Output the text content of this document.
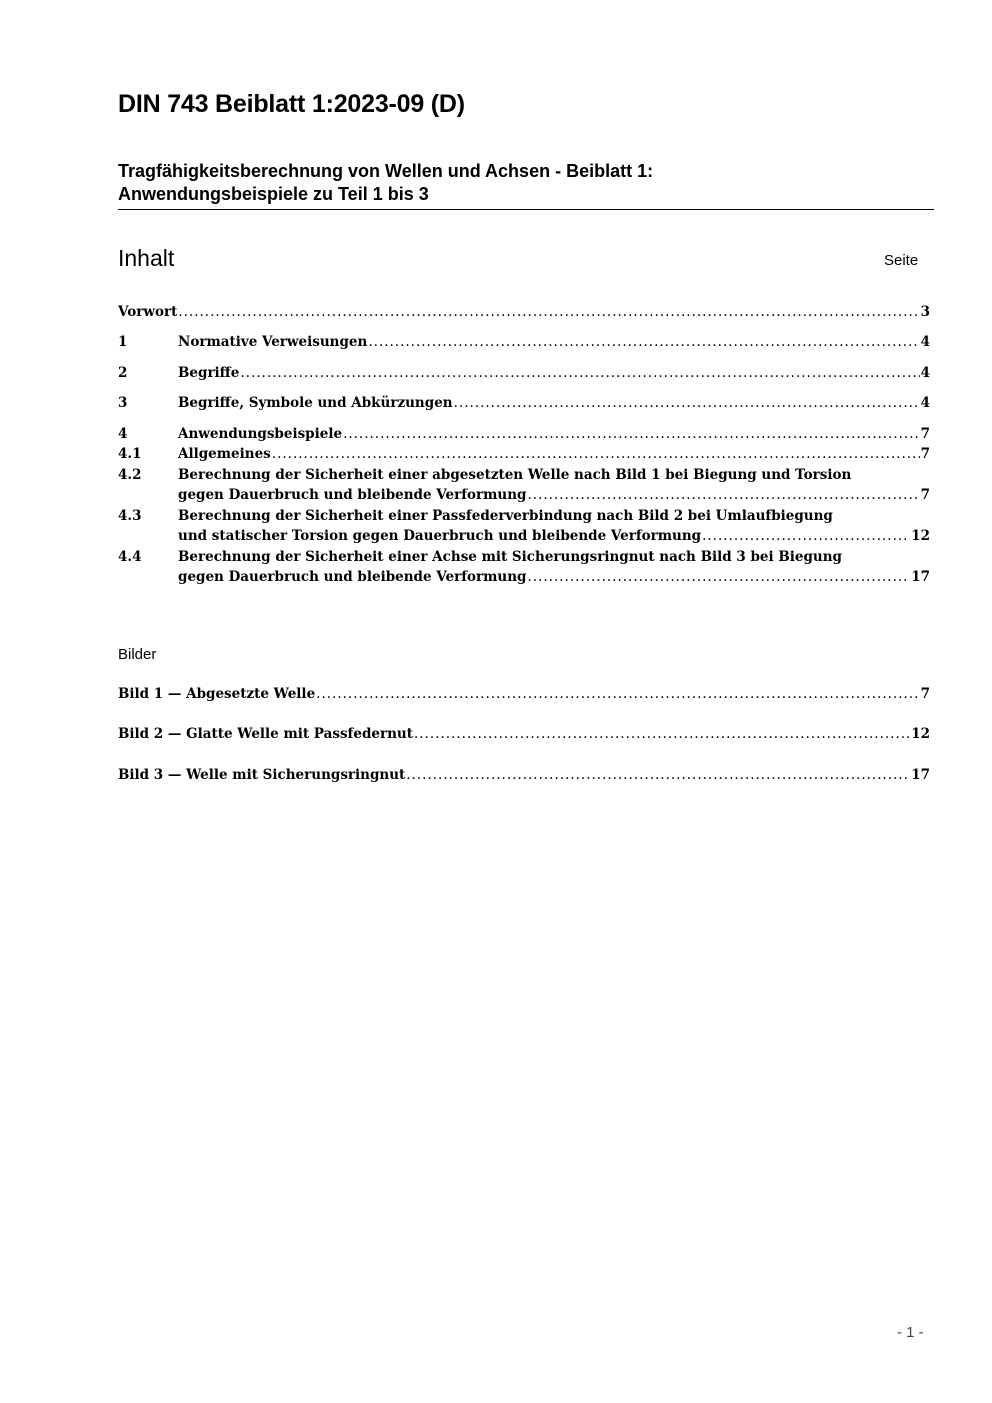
DIN 743 Beiblatt 1:2023-09 (D)
Tragfähigkeitsberechnung von Wellen und Achsen - Beiblatt 1:
Anwendungsbeispiele zu Teil 1 bis 3
Inhalt	Seite
Vorwort .....	3
1	Normative Verweisungen .....	4
2	Begriffe .....	4
3	Begriffe, Symbole und Abkürzungen .....	4
4	Anwendungsbeispiele .....	7
4.1	Allgemeines .....	7
4.2	Berechnung der Sicherheit einer abgesetzten Welle nach Bild 1 bei Biegung und Torsion
gegen Dauerbruch und bleibende Verformung .....	7
4.3	Berechnung der Sicherheit einer Passfederverbindung nach Bild 2 bei Umlaufbiegung
und statischer Torsion gegen Dauerbruch und bleibende Verformung .....	12
4.4	Berechnung der Sicherheit einer Achse mit Sicherungsringnut nach Bild 3 bei Biegung
gegen Dauerbruch und bleibende Verformung .....	17
Bilder
Bild 1 — Abgesetzte Welle .....	7
Bild 2 — Glatte Welle mit Passfedernut .....	12
Bild 3 — Welle mit Sicherungsringnut .....	17
- 1 -
